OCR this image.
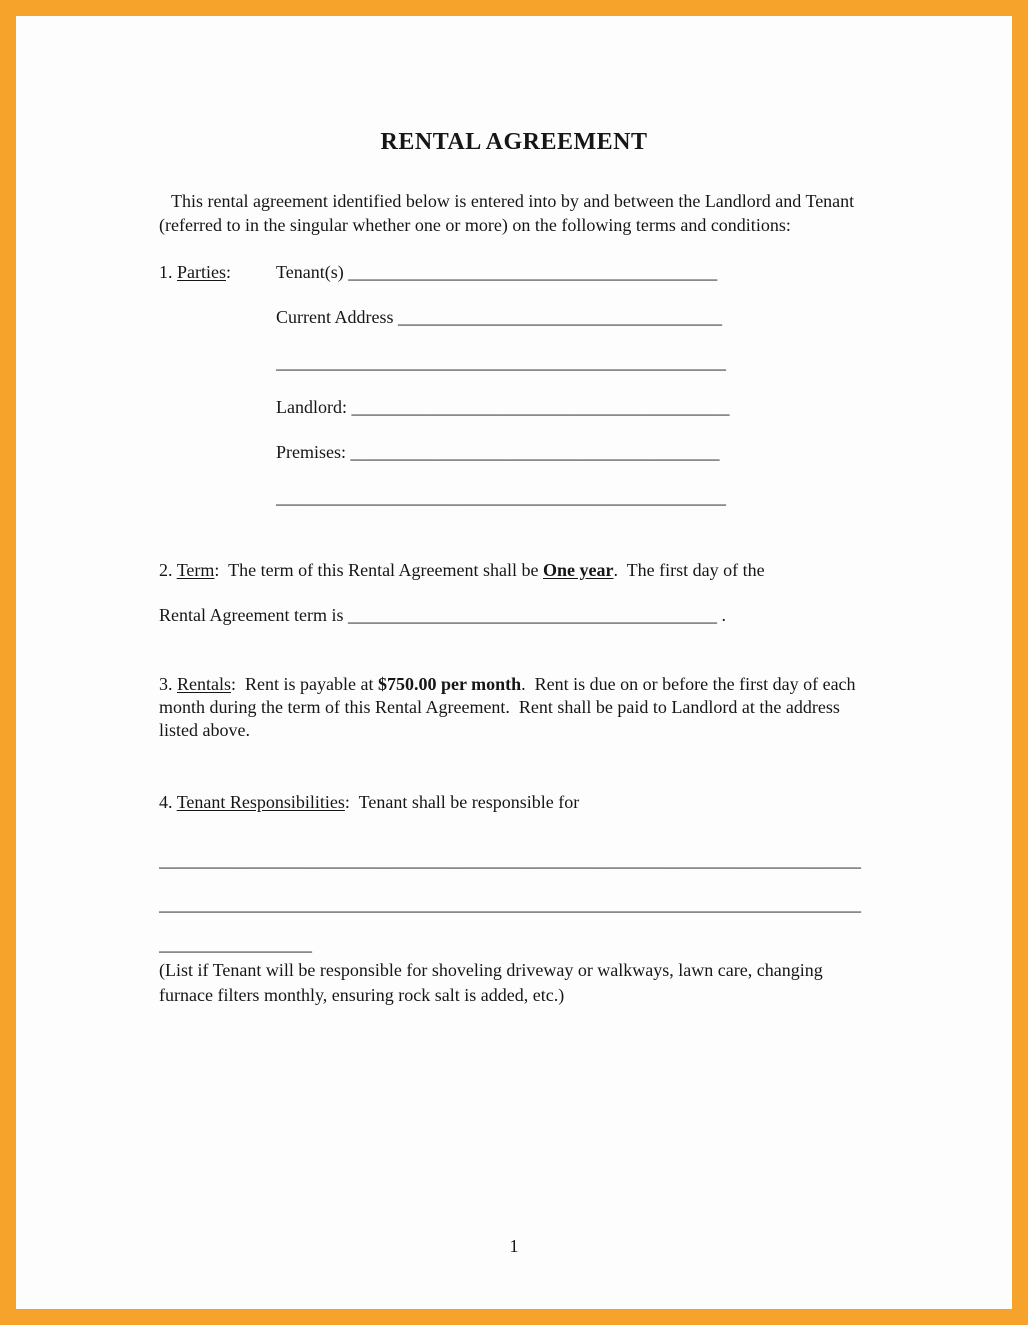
RENTAL AGREEMENT

This rental agreement identified below is entered into by and between the Landlord and Tenant (referred to in the singular whether one or more) on the following terms and conditions:

1. Parties:	Tenant(s) _________________________________________
Current Address ____________________________________
__________________________________________________
Landlord: __________________________________________
Premises: _________________________________________
__________________________________________________
2. Term:  The term of this Rental Agreement shall be One year.  The first day of the
Rental Agreement term is _________________________________________ .

3. Rentals:  Rent is payable at $750.00 per month.  Rent is due on or before the first day of each month during the term of this Rental Agreement.  Rent shall be paid to Landlord at the address listed above.

4. Tenant Responsibilities:  Tenant shall be responsible for
______________________________________________________________________________
______________________________________________________________________________
_________________

(List if Tenant will be responsible for shoveling driveway or walkways, lawn care, changing furnace filters monthly, ensuring rock salt is added, etc.)

1
